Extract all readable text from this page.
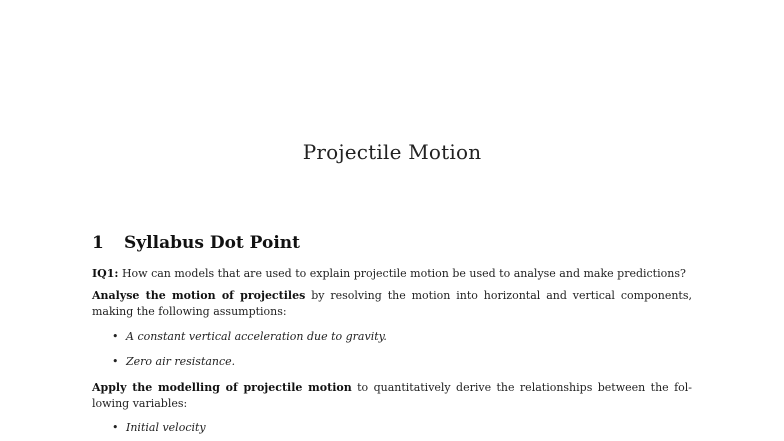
Projectile Motion
1 Syllabus Dot Point
IQ1: How can models that are used to explain projectile motion be used to analyse and make predictions?
Analyse the motion of projectiles by resolving the motion into horizontal and vertical components, making the following assumptions:
• A constant vertical acceleration due to gravity.
• Zero air resistance.
Apply the modelling of projectile motion to quantitatively derive the relationships between the fol- lowing variables:
• Initial velocity
